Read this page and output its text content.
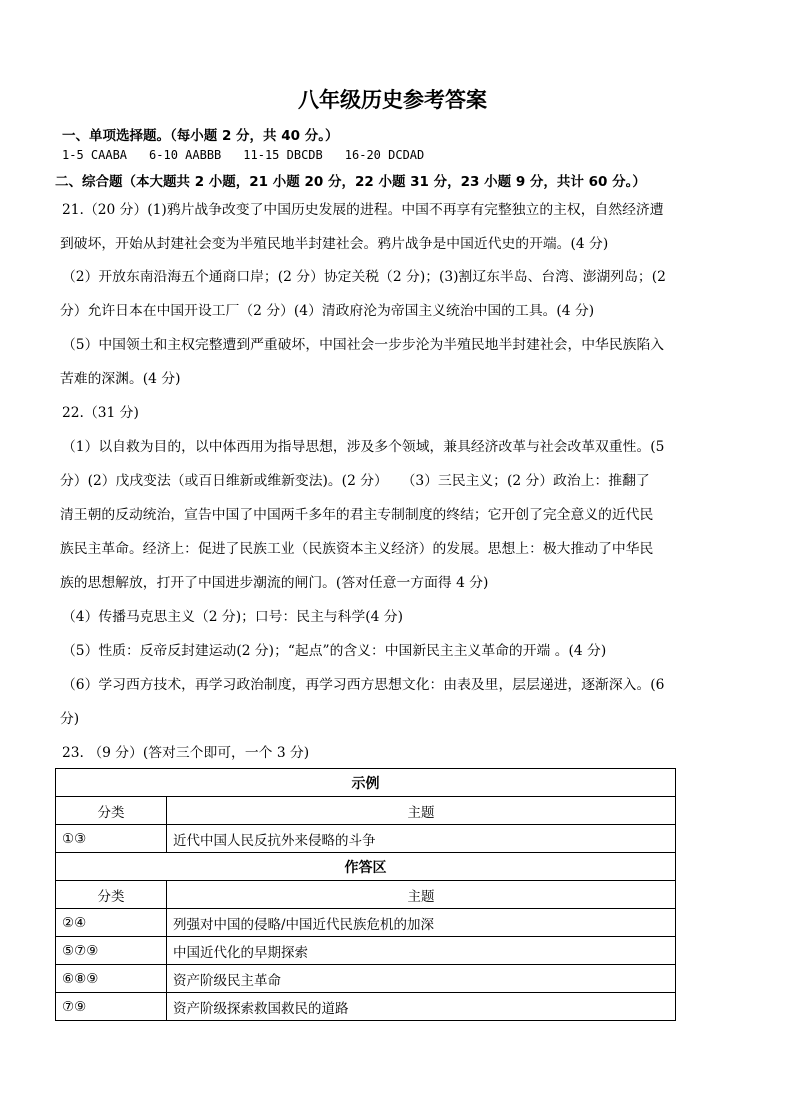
八年级历史参考答案
一、单项选择题。（每小题 2 分，共 40 分。）
1-5 CAABA 6-10 AABBB 11-15 DBCDB 16-20 DCDAD
二、综合题（本大题共 2 小题，21 小题 20 分，22 小题 31 分，23 小题 9 分，共计 60 分。）
21.（20 分）(1)鸦片战争改变了中国历史发展的进程。中国不再享有完整独立的主权，自然经济遭
到破坏，开始从封建社会变为半殖民地半封建社会。鸦片战争是中国近代史的开端。(4 分)
（2）开放东南沿海五个通商口岸；(2 分）协定关税（2 分)；(3)割辽东半岛、台湾、澎湖列岛；(2
分）允许日本在中国开设工厂（2 分）(4）清政府沦为帝国主义统治中国的工具。(4 分)
（5）中国领土和主权完整遭到严重破坏，中国社会一步步沦为半殖民地半封建社会，中华民族陷入
苦难的深渊。(4 分)
22.（31 分)
（1）以自救为目的，以中体西用为指导思想，涉及多个领域，兼具经济改革与社会改革双重性。(5
分）(2）戊戌变法（或百日维新或维新变法)。(2 分）　　（3）三民主义；(2 分）政治上：推翻了
清王朝的反动统治，宣告中国了中国两千多年的君主专制制度的终结；它开创了完全意义的近代民
族民主革命。经济上：促进了民族工业（民族资本主义经济）的发展。思想上：极大推动了中华民
族的思想解放，打开了中国进步潮流的闸门。(答对任意一方面得 4 分)
（4）传播马克思主义（2 分)；口号：民主与科学(4 分)
（5）性质：反帝反封建运动(2 分)；“起点”的含义：中国新民主主义革命的开端 。(4 分)
（6）学习西方技术，再学习政治制度，再学习西方思想文化：由表及里，层层递进，逐渐深入。(6
分)
23. （9 分）(答对三个即可，一个 3 分)
示例	
分类	主题
①③	近代中国人民反抗外来侵略的斗争
作答区	
分类	主题
②④	列强对中国的侵略/中国近代民族危机的加深
⑤⑦⑨	中国近代化的早期探索
⑥⑧⑨	资产阶级民主革命
⑦⑨	资产阶级探索救国救民的道路
